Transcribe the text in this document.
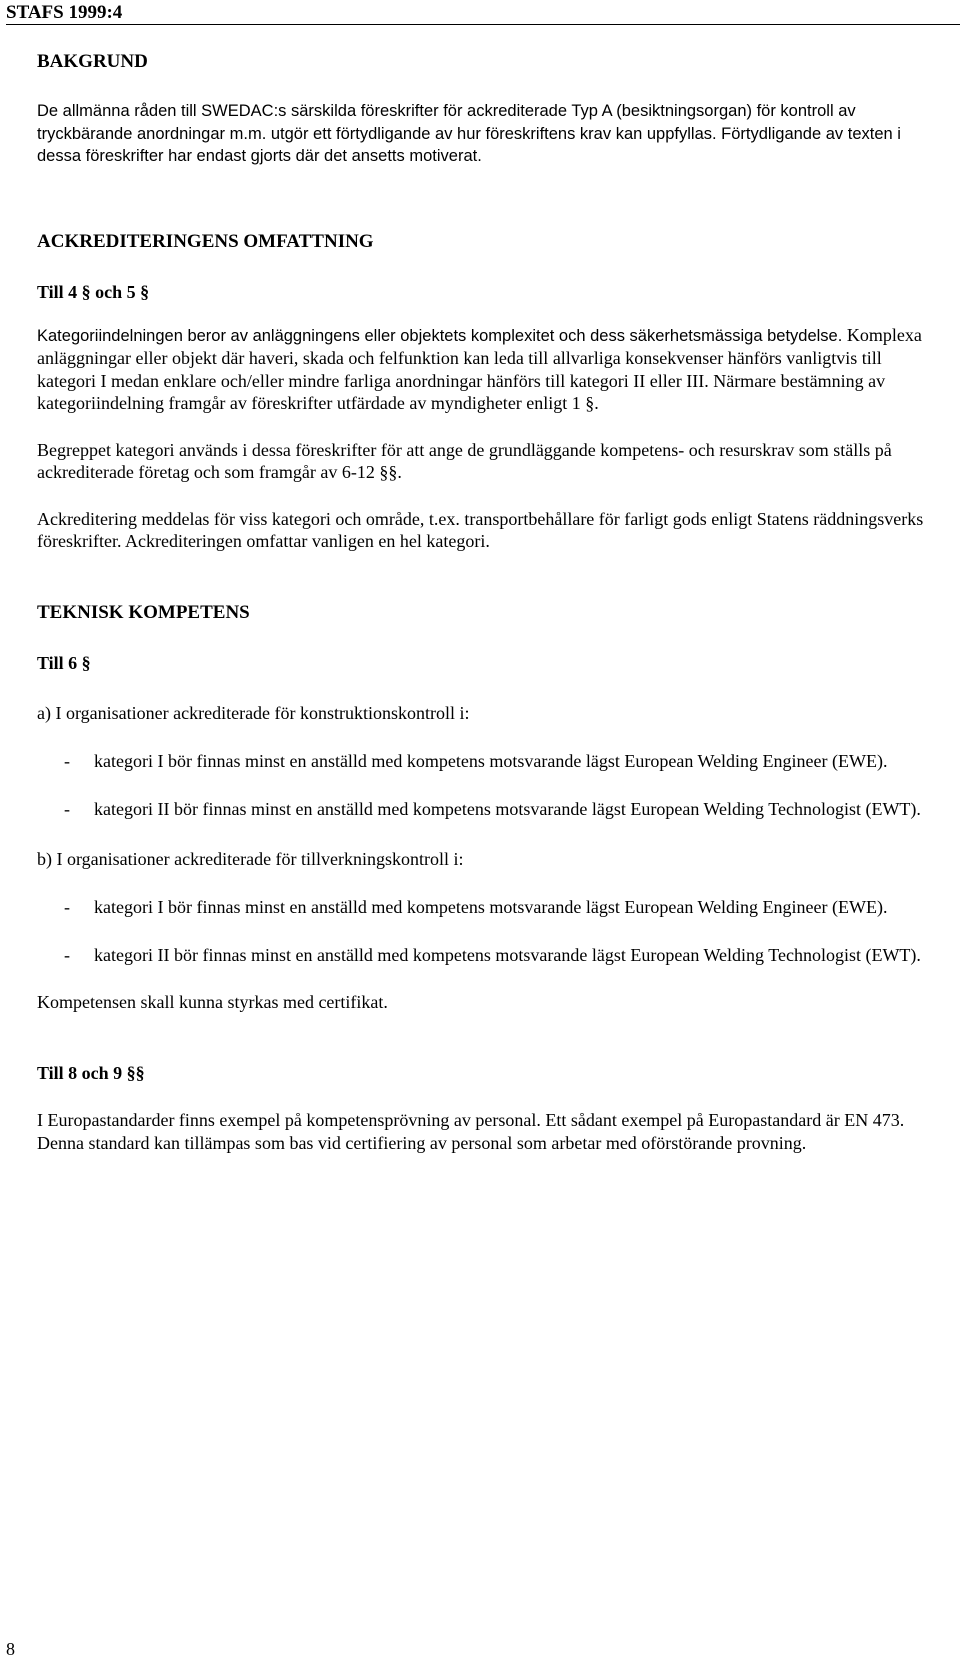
STAFS 1999:4
BAKGRUND

De allmänna råden till SWEDAC:s särskilda föreskrifter för ackrediterade Typ A (besiktningsorgan) för kontroll av tryckbärande anordningar m.m. utgör ett förtydligande av hur föreskriftens krav kan uppfyllas. Förtydligande av texten i dessa föreskrifter har endast gjorts där det ansetts motiverat.

ACKREDITERINGENS OMFATTNING
Till 4 § och 5 §

Kategoriindelningen beror av anläggningens eller objektets komplexitet och dess säkerhetsmässiga betydelse. Komplexa anläggningar eller objekt där haveri, skada och felfunktion kan leda till allvarliga konsekvenser hänförs vanligtvis till kategori I medan enklare och/eller mindre farliga anordningar hänförs till kategori II eller III. Närmare bestämning av kategoriindelning framgår av föreskrifter utfärdade av myndigheter enligt 1 §.

Begreppet kategori används i dessa föreskrifter för att ange de grundläggande kompetens- och resurskrav som ställs på ackrediterade företag och som framgår av 6-12 §§.

Ackreditering meddelas för viss kategori och område, t.ex. transportbehållare för farligt gods enligt Statens räddningsverks föreskrifter. Ackrediteringen omfattar vanligen en hel kategori.

TEKNISK KOMPETENS
Till 6 §
a) I organisationer ackrediterade för konstruktionskontroll i:
- kategori I bör finnas minst en anställd med kompetens motsvarande lägst European Welding Engineer (EWE).
- kategori II bör finnas minst en anställd med kompetens motsvarande lägst European Welding Technologist (EWT).
b) I organisationer ackrediterade för tillverkningskontroll i:
- kategori I bör finnas minst en anställd med kompetens motsvarande lägst European Welding Engineer (EWE).
- kategori II bör finnas minst en anställd med kompetens motsvarande lägst European Welding Technologist (EWT).

Kompetensen skall kunna styrkas med certifikat.

Till 8 och 9 §§

I Europastandarder finns exempel på kompetensprövning av personal. Ett sådant exempel på Europastandard är EN 473. Denna standard kan tillämpas som bas vid certifiering av personal som arbetar med oförstörande provning.

8
